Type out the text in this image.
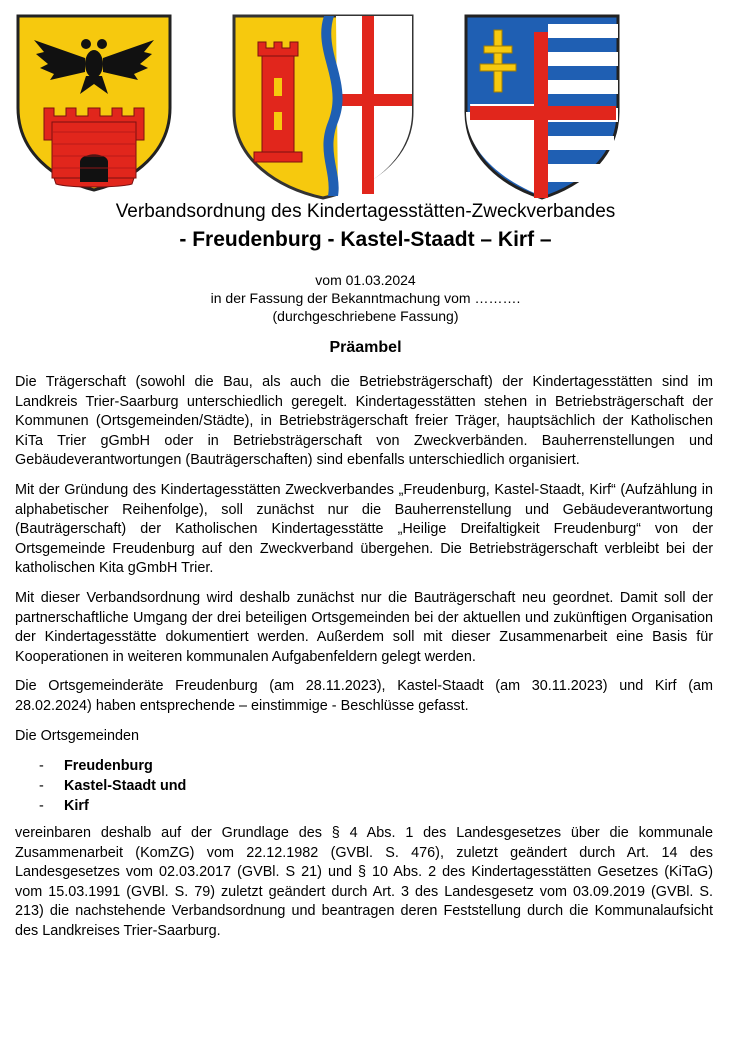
Verbandsordnung des Kindertagesstätten-Zweckverbandes
- Freudenburg - Kastel-Staadt – Kirf –
vom 01.03.2024
in der Fassung der Bekanntmachung vom ……….
(durchgeschriebene Fassung)
Präambel

Die Trägerschaft (sowohl die Bau, als auch die Betriebsträgerschaft) der Kindertagesstätten sind im Landkreis Trier-Saarburg unterschiedlich geregelt. Kindertagesstätten stehen in Betriebsträgerschaft der Kommunen (Ortsgemeinden/Städte), in Betriebsträgerschaft freier Träger, hauptsächlich der Katholischen KiTa Trier gGmbH oder in Betriebsträgerschaft von Zweckverbänden. Bauherrenstellungen und Gebäudeverantwortungen (Bauträgerschaften) sind ebenfalls unterschiedlich organisiert.

Mit der Gründung des Kindertagesstätten Zweckverbandes „Freudenburg, Kastel-Staadt, Kirf“ (Aufzählung in alphabetischer Reihenfolge), soll zunächst nur die Bauherrenstellung und Gebäudeverantwortung (Bauträgerschaft) der Katholischen Kindertagesstätte „Heilige Dreifaltigkeit Freudenburg“ von der Ortsgemeinde Freudenburg auf den Zweckverband übergehen. Die Betriebsträgerschaft verbleibt bei der katholischen Kita gGmbH Trier.

Mit dieser Verbandsordnung wird deshalb zunächst nur die Bauträgerschaft neu geordnet. Damit soll der partnerschaftliche Umgang der drei beteiligen Ortsgemeinden bei der aktuellen und zukünftigen Organisation der Kindertagesstätte dokumentiert werden. Außerdem soll mit dieser Zusammenarbeit eine Basis für Kooperationen in weiteren kommunalen Aufgabenfeldern gelegt werden.

Die Ortsgemeinderäte Freudenburg (am 28.11.2023), Kastel-Staadt (am 30.11.2023) und Kirf (am 28.02.2024) haben entsprechende – einstimmige - Beschlüsse gefasst.

Die Ortsgemeinden

- Freudenburg
- Kastel-Staadt und
- Kirf

vereinbaren deshalb auf der Grundlage des § 4 Abs. 1 des Landesgesetzes über die kommunale Zusammenarbeit (KomZG) vom 22.12.1982 (GVBl. S. 476), zuletzt geändert durch Art. 14 des Landesgesetzes vom 02.03.2017 (GVBl. S 21) und § 10 Abs. 2 des Kindertagesstätten Gesetzes (KiTaG) vom 15.03.1991 (GVBl. S. 79) zuletzt geändert durch Art. 3 des Landesgesetz vom 03.09.2019 (GVBl. S. 213) die nachstehende Verbandsordnung und beantragen deren Feststellung durch die Kommunalaufsicht des Landkreises Trier-Saarburg.
